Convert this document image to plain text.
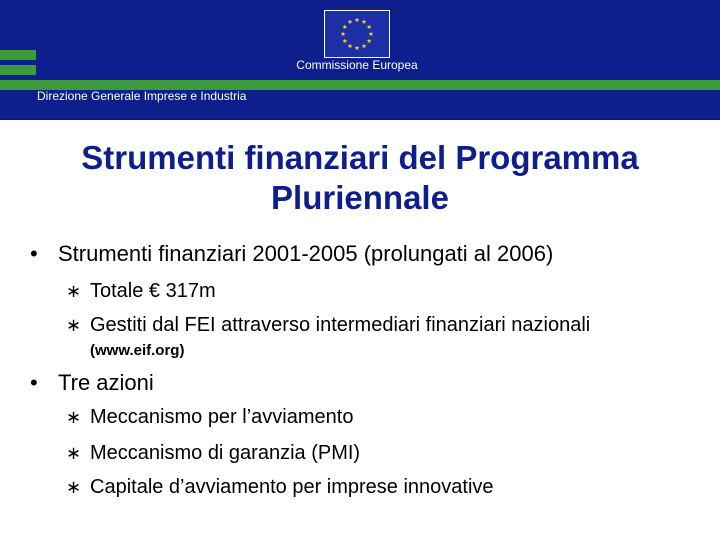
Commissione Europea
Direzione Generale Imprese e Industria
Strumenti finanziari del Programma
Pluriennale
• Strumenti finanziari 2001-2005 (prolungati al 2006)
∗ Totale € 317m
∗ Gestiti dal FEI attraverso intermediari finanziari nazionali
(www.eif.org)
• Tre azioni
∗ Meccanismo per l’avviamento
∗ Meccanismo di garanzia (PMI)
∗ Capitale d’avviamento per imprese innovative
